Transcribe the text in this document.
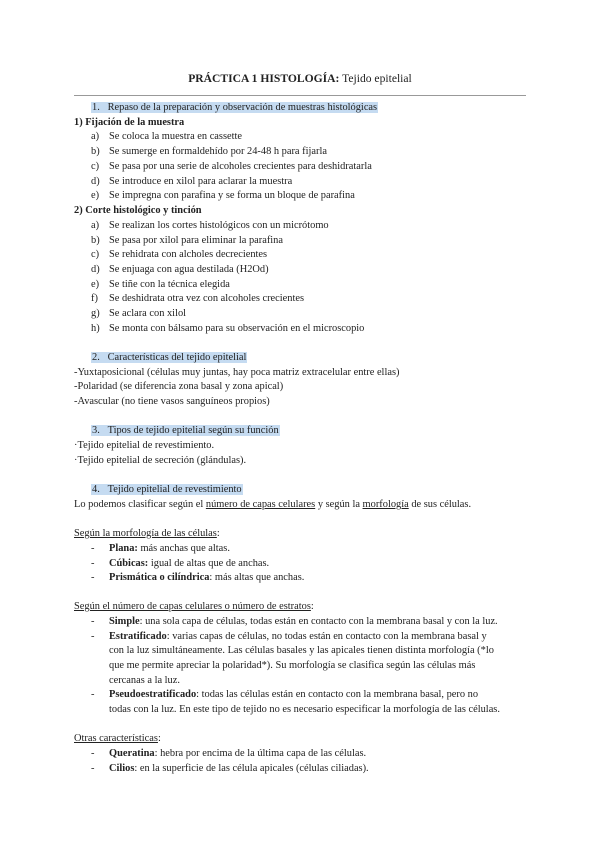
PRÁCTICA 1 HISTOLOGÍA: Tejido epitelial
1. Repaso de la preparación y observación de muestras histológicas
1) Fijación de la muestra
a) Se coloca la muestra en cassette
b) Se sumerge en formaldehído por 24-48 h para fijarla
c) Se pasa por una serie de alcoholes crecientes para deshidratarla
d) Se introduce en xilol para aclarar la muestra
e) Se impregna con parafina y se forma un bloque de parafina
2) Corte histológico y tinción
a) Se realizan los cortes histológicos con un micrótomo
b) Se pasa por xilol para eliminar la parafina
c) Se rehidrata con alcholes decrecientes
d) Se enjuaga con agua destilada (H2Od)
e) Se tiñe con la técnica elegida
f) Se deshidrata otra vez con alcoholes crecientes
g) Se aclara con xilol
h) Se monta con bálsamo para su observación en el microscopio
2. Características del tejido epitelial
-Yuxtaposicional (células muy juntas, hay poca matriz extracelular entre ellas)
-Polaridad (se diferencia zona basal y zona apical)
-Avascular (no tiene vasos sanguíneos propios)
3. Tipos de tejido epitelial según su función
·Tejido epitelial de revestimiento.
·Tejido epitelial de secreción (glándulas).
4. Tejido epitelial de revestimiento
Lo podemos clasificar según el número de capas celulares y según la morfología de sus células.
Según la morfología de las células:
- Plana: más anchas que altas.
- Cúbicas: igual de altas que de anchas.
- Prismática o cilíndrica: más altas que anchas.
Según el número de capas celulares o número de estratos:
- Simple: una sola capa de células, todas están en contacto con la membrana basal y con la luz.
- Estratificado: varias capas de células, no todas están en contacto con la membrana basal y
con la luz simultáneamente. Las células basales y las apicales tienen distinta morfología (*lo
que me permite apreciar la polaridad*). Su morfología se clasifica según las células más
cercanas a la luz.
- Pseudoestratificado: todas las células están en contacto con la membrana basal, pero no
todas con la luz. En este tipo de tejido no es necesario especificar la morfología de las células.
Otras características:
- Queratina: hebra por encima de la última capa de las células.
- Cilios: en la superficie de las célula apicales (células ciliadas).
